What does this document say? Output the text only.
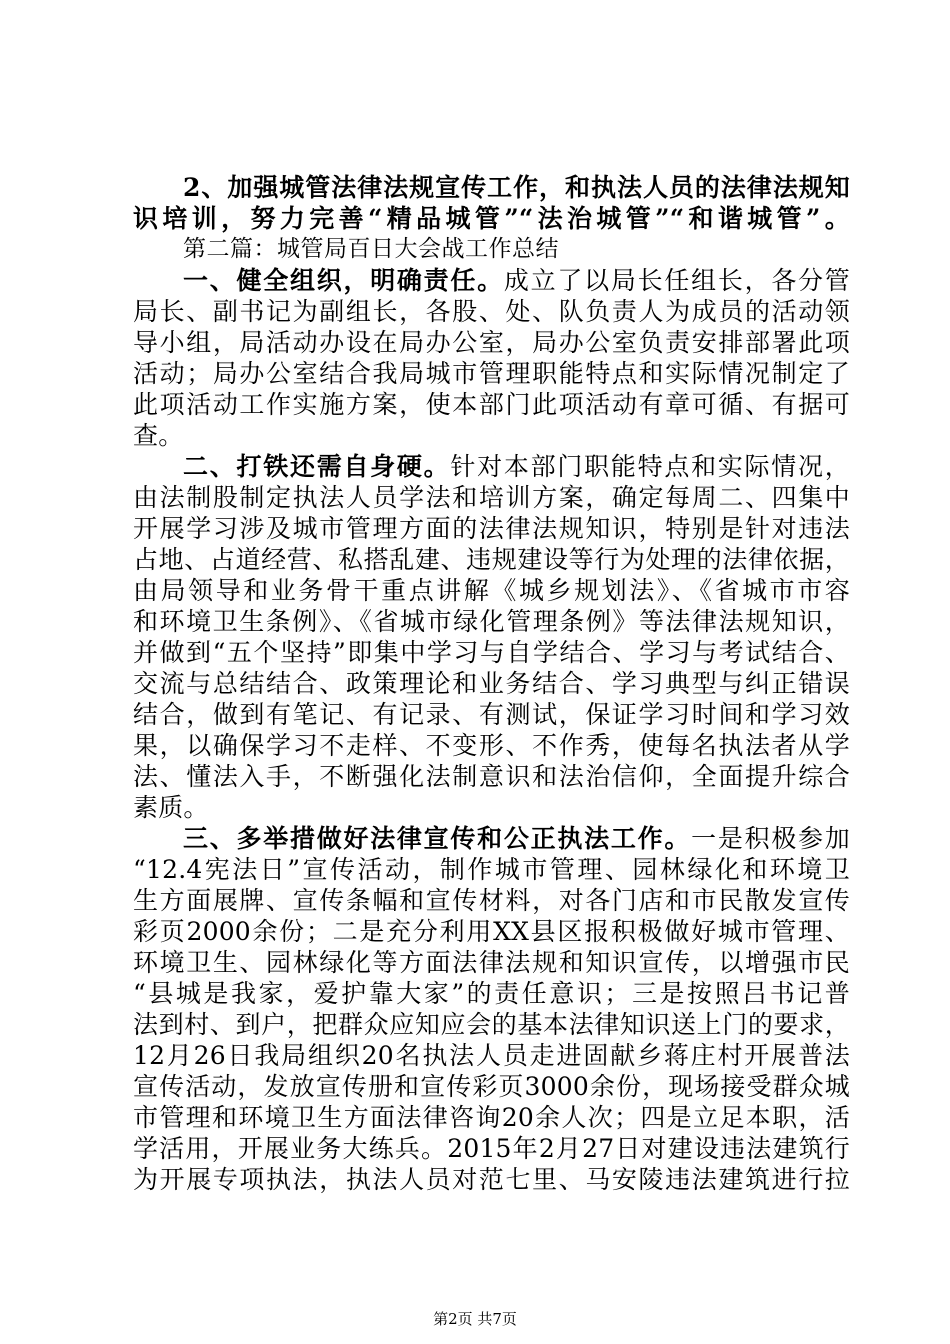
2、加强城管法律法规宣传工作，和执法人员的法律法规知
识培训，努力完善“精品城管”“法治城管”“和谐城管”。
第二篇：城管局百日大会战工作总结
一、健全组织，明确责任。成立了以局长任组长，各分管
局长、副书记为副组长，各股、处、队负责人为成员的活动领
导小组，局活动办设在局办公室，局办公室负责安排部署此项
活动；局办公室结合我局城市管理职能特点和实际情况制定了
此项活动工作实施方案，使本部门此项活动有章可循、有据可
查。
二、打铁还需自身硬。针对本部门职能特点和实际情况，
由法制股制定执法人员学法和培训方案，确定每周二、四集中
开展学习涉及城市管理方面的法律法规知识，特别是针对违法
占地、占道经营、私搭乱建、违规建设等行为处理的法律依据，
由局领导和业务骨干重点讲解《城乡规划法》、《省城市市容
和环境卫生条例》、《省城市绿化管理条例》等法律法规知识，
并做到“五个坚持”即集中学习与自学结合、学习与考试结合、
交流与总结结合、政策理论和业务结合、学习典型与纠正错误
结合，做到有笔记、有记录、有测试，保证学习时间和学习效
果，以确保学习不走样、不变形、不作秀，使每名执法者从学
法、懂法入手，不断强化法制意识和法治信仰，全面提升综合
素质。
三、多举措做好法律宣传和公正执法工作。一是积极参加
“12.4宪法日”宣传活动，制作城市管理、园林绿化和环境卫
生方面展牌、宣传条幅和宣传材料，对各门店和市民散发宣传
彩页2000余份；二是充分利用XX县区报积极做好城市管理、
环境卫生、园林绿化等方面法律法规和知识宣传，以增强市民
“县城是我家，爱护靠大家”的责任意识；三是按照吕书记普
法到村、到户，把群众应知应会的基本法律知识送上门的要求，
12月26日我局组织20名执法人员走进固献乡蒋庄村开展普法
宣传活动，发放宣传册和宣传彩页3000余份，现场接受群众城
市管理和环境卫生方面法律咨询20余人次；四是立足本职，活
学活用，开展业务大练兵。2015年2月27日对建设违法建筑行
为开展专项执法，执法人员对范七里、马安陵违法建筑进行拉
第2页 共7页
